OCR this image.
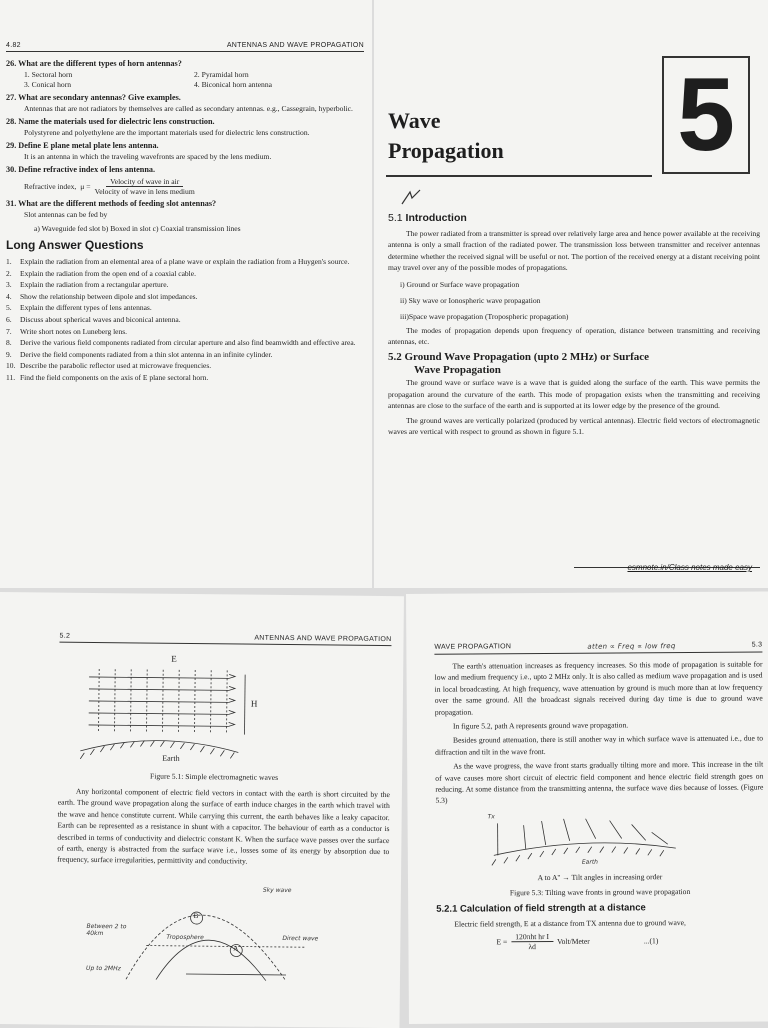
4.82	ANTENNAS AND WAVE PROPAGATION
26. What are the different types of horn antennas?
1. Sectoral horn	2. Pyramidal horn
3. Conical horn	4. Biconical horn antenna
27. What are secondary antennas? Give examples.
Antennas that are not radiators by themselves are called as secondary antennas. e.g., Cassegrain, hyperbolic.
28. Name the materials used for dielectric lens construction.
Polystyrene and polyethylene are the important materials used for dielectric lens construction.
29. Define E plane metal plate lens antenna.
It is an antenna in which the traveling wavefronts are spaced by the lens medium.
30. Define refractive index of lens antenna.
Refractive index, $\mu = \frac{\text{Velocity of wave in air}}{\text{Velocity of wave in lens medium}}$
31. What are the different methods of feeding slot antennas?
Slot antennas can be fed by
a) Waveguide fed slot b) Boxed in slot c) Coaxial transmission lines
Long Answer Questions
1.	Explain the radiation from an elemental area of a plane wave or explain the radiation from a Huygen's source.
2.	Explain the radiation from the open end of a coaxial cable.
3.	Explain the radiation from a rectangular aperture.
4.	Show the relationship between dipole and slot impedances.
5.	Explain the different types of lens antennas.
6.	Discuss about spherical waves and biconical antenna.
7.	Write short notes on Luneberg lens.
8.	Derive the various field components radiated from circular aperture and also find beamwidth and effective area.
9.	Derive the field components radiated from a thin slot antenna in an infinite cylinder.
10. Describe the parabolic reflector used at microwave frequencies.
11. Find the field components on the axis of E plane sectoral horn.
5
Wave
Propagation
5.1 Introduction

The power radiated from a transmitter is spread over relatively large area and hence power available at the receiving antenna is only a small fraction of the radiated power. The transmission loss between transmitter and receiver antennas determine whether the received signal will be useful or not. The portion of the received energy at a distant receiving point may travel over any of the possible modes of propagations.

i) Ground or Surface wave propagation
ii) Sky wave or Ionospheric wave propagation
iii)Space wave propagation (Tropospheric propagation)

The modes of propagation depends upon frequency of operation, distance between transmitting and receiving antennas, etc.

5.2 Ground Wave Propagation (upto 2 MHz) or Surface
Wave Propagation

The ground wave or surface wave is a wave that is guided along the surface of the earth. This wave permits the propagation around the curvature of the earth. This mode of propagation exists when the transmitting and receiving antennas are close to the surface of the earth and is supported at its lower edge by the presence of the ground.

The ground waves are vertically polarized (produced by vertical antennas). Electric field vectors of electromagnetic waves are vertical with respect to ground as shown in figure 5.1.

esmnote.in/Class notes made easy
5.2	ANTENNAS AND WAVE PROPAGATION
E
H
Earth
Figure 5.1: Simple electromagnetic waves

Any horizontal component of electric field vectors in contact with the earth is short circuited by the earth. The ground wave propagation along the surface of earth induce charges in the earth which travel with the wave and hence constitute current. While carrying this current, the earth behaves like a leaky capacitor. Earth can be represented as a resistance in shunt with a capacitor. The behaviour of earth as a conductor is described in terms of conductivity and dielectric constant K. When the surface wave passes over the surface of earth, energy is abstracted from the surface wave i.e., losses some of its energy by absorption due to frequency, surface irregularities, permittivity and conductivity.

B
A
Sky wave
Between 2 to 40km
Troposphere	Direct wave
Up to 2MHz
WAVE PROPAGATION	atten ∝ Freq ∝ low freq	5.3

The earth's attenuation increases as frequency increases. So this mode of propagation is suitable for low and medium frequency i.e., upto 2 MHz only. It is also called as medium wave propagation and is used in local broadcasting. At high frequency, wave attenuation by ground is much more than at low frequency over the same ground. All the broadcast signals received during day time is due to ground wave propagation.

In figure 5.2, path A represents ground wave propagation.

Besides ground attenuation, there is still another way in which surface wave is attenuated i.e., due to diffraction and tilt in the wave front.

As the wave progress, the wave front starts gradually tilting more and more. This increase in the tilt of wave causes more short circuit of electric field component and hence electric field strength goes on reducing. At some distance from the transmitting antenna, the surface wave dies because of losses. (Figure 5.3)

Tx
Earth
A to A'' → Tilt angles in increasing order
Figure 5.3: Tilting wave fronts in ground wave propagation
5.2.1 Calculation of field strength at a distance

Electric field strength, E at a distance from TX antenna due to ground wave,

$E = \frac{\text{120πht hr I}}{\lambda d}$ Volt/Meter	...(1)
